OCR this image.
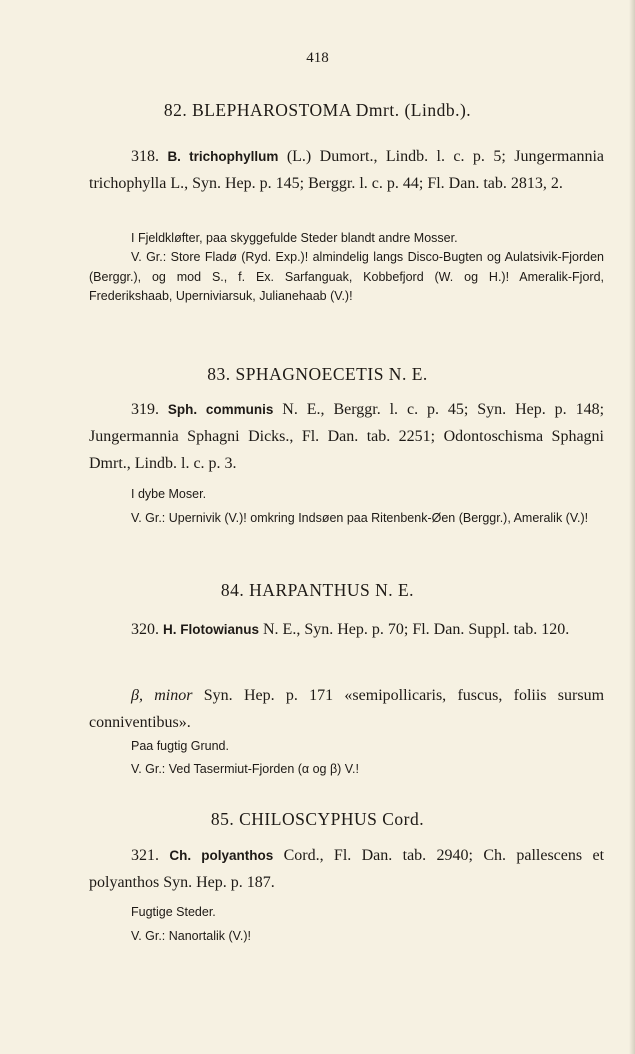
418
82. BLEPHAROSTOMA Dmrt. (Lindb.).
318. B. trichophyllum (L.) Dumort., Lindb. l. c. p. 5; Jungermannia trichophylla L., Syn. Hep. p. 145; Berggr. l. c. p. 44; Fl. Dan. tab. 2813, 2.
I Fjeldkløfter, paa skyggefulde Steder blandt andre Mosser.
V. Gr.: Store Fladø (Ryd. Exp.)! almindelig langs Disco-Bugten og Aulatsivik-Fjorden (Berggr.), og mod S., f. Ex. Sarfanguak, Kobbefjord (W. og H.)! Ameralik-Fjord, Frederikshaab, Uperniviarsuk, Julianehaab (V.)!
83. SPHAGNOECETIS N. E.
319. Sph. communis N. E., Berggr. l. c. p. 45; Syn. Hep. p. 148; Jungermannia Sphagni Dicks., Fl. Dan. tab. 2251; Odontoschisma Sphagni Dmrt., Lindb. l. c. p. 3.
I dybe Moser.
V. Gr.: Upernivik (V.)! omkring Indsøen paa Ritenbenk-Øen (Berggr.), Ameralik (V.)!
84. HARPANTHUS N. E.
320. H. Flotowianus N. E., Syn. Hep. p. 70; Fl. Dan. Suppl. tab. 120.
β, minor Syn. Hep. p. 171 «semipollicaris, fuscus, foliis sursum conniventibus».
Paa fugtig Grund.
V. Gr.: Ved Tasermiut-Fjorden (α og β) V.!
85. CHILOSCYPHUS Cord.
321. Ch. polyanthos Cord., Fl. Dan. tab. 2940; Ch. pallescens et polyanthos Syn. Hep. p. 187.
Fugtige Steder.
V. Gr.: Nanortalik (V.)!
